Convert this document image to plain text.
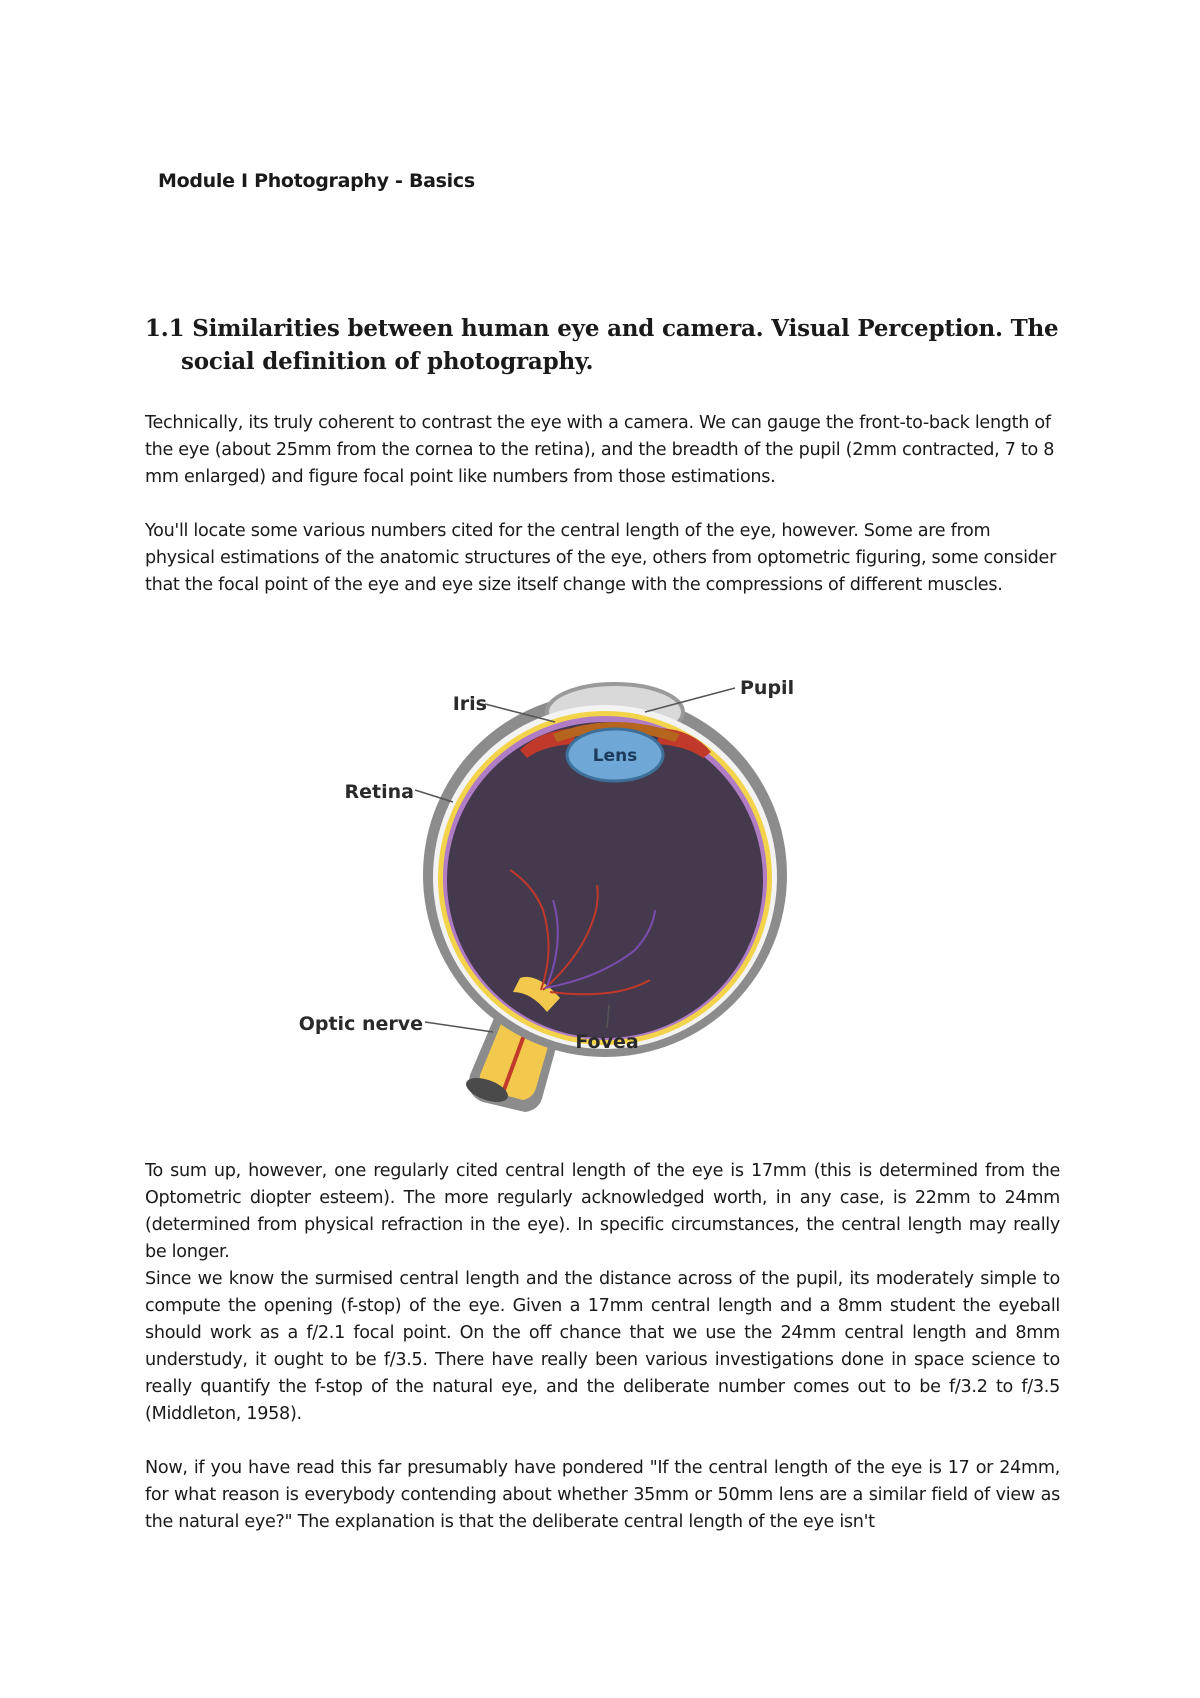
Module I Photography - Basics
1.1 Similarities between human eye and camera. Visual Perception. The social definition of photography.

Technically, its truly coherent to contrast the eye with a camera. We can gauge the front-to-back length of the eye (about 25mm from the cornea to the retina), and the breadth of the pupil (2mm contracted, 7 to 8 mm enlarged) and figure focal point like numbers from those estimations.

You'll locate some various numbers cited for the central length of the eye, however. Some are from physical estimations of the anatomic structures of the eye, others from optometric figuring, some consider that the focal point of the eye and eye size itself change with the compressions of different muscles.

Lens
Iris
Pupil
Retina
Optic nerve
Fovea
To sum up, however, one regularly cited central length of the eye is 17mm (this is determined from the Optometric diopter esteem). The more regularly acknowledged worth, in any case, is 22mm to 24mm (determined from physical refraction in the eye). In specific circumstances, the central length may really be longer.
Since we know the surmised central length and the distance across of the pupil, its moderately simple to compute the opening (f-stop) of the eye. Given a 17mm central length and a 8mm student the eyeball should work as a f/2.1 focal point. On the off chance that we use the 24mm central length and 8mm understudy, it ought to be f/3.5. There have really been various investigations done in space science to really quantify the f-stop of the natural eye, and the deliberate number comes out to be f/3.2 to f/3.5 (Middleton, 1958).

Now, if you have read this far presumably have pondered "If the central length of the eye is 17 or 24mm, for what reason is everybody contending about whether 35mm or 50mm lens are a similar field of view as the natural eye?" The explanation is that the deliberate central length of the eye isn't
